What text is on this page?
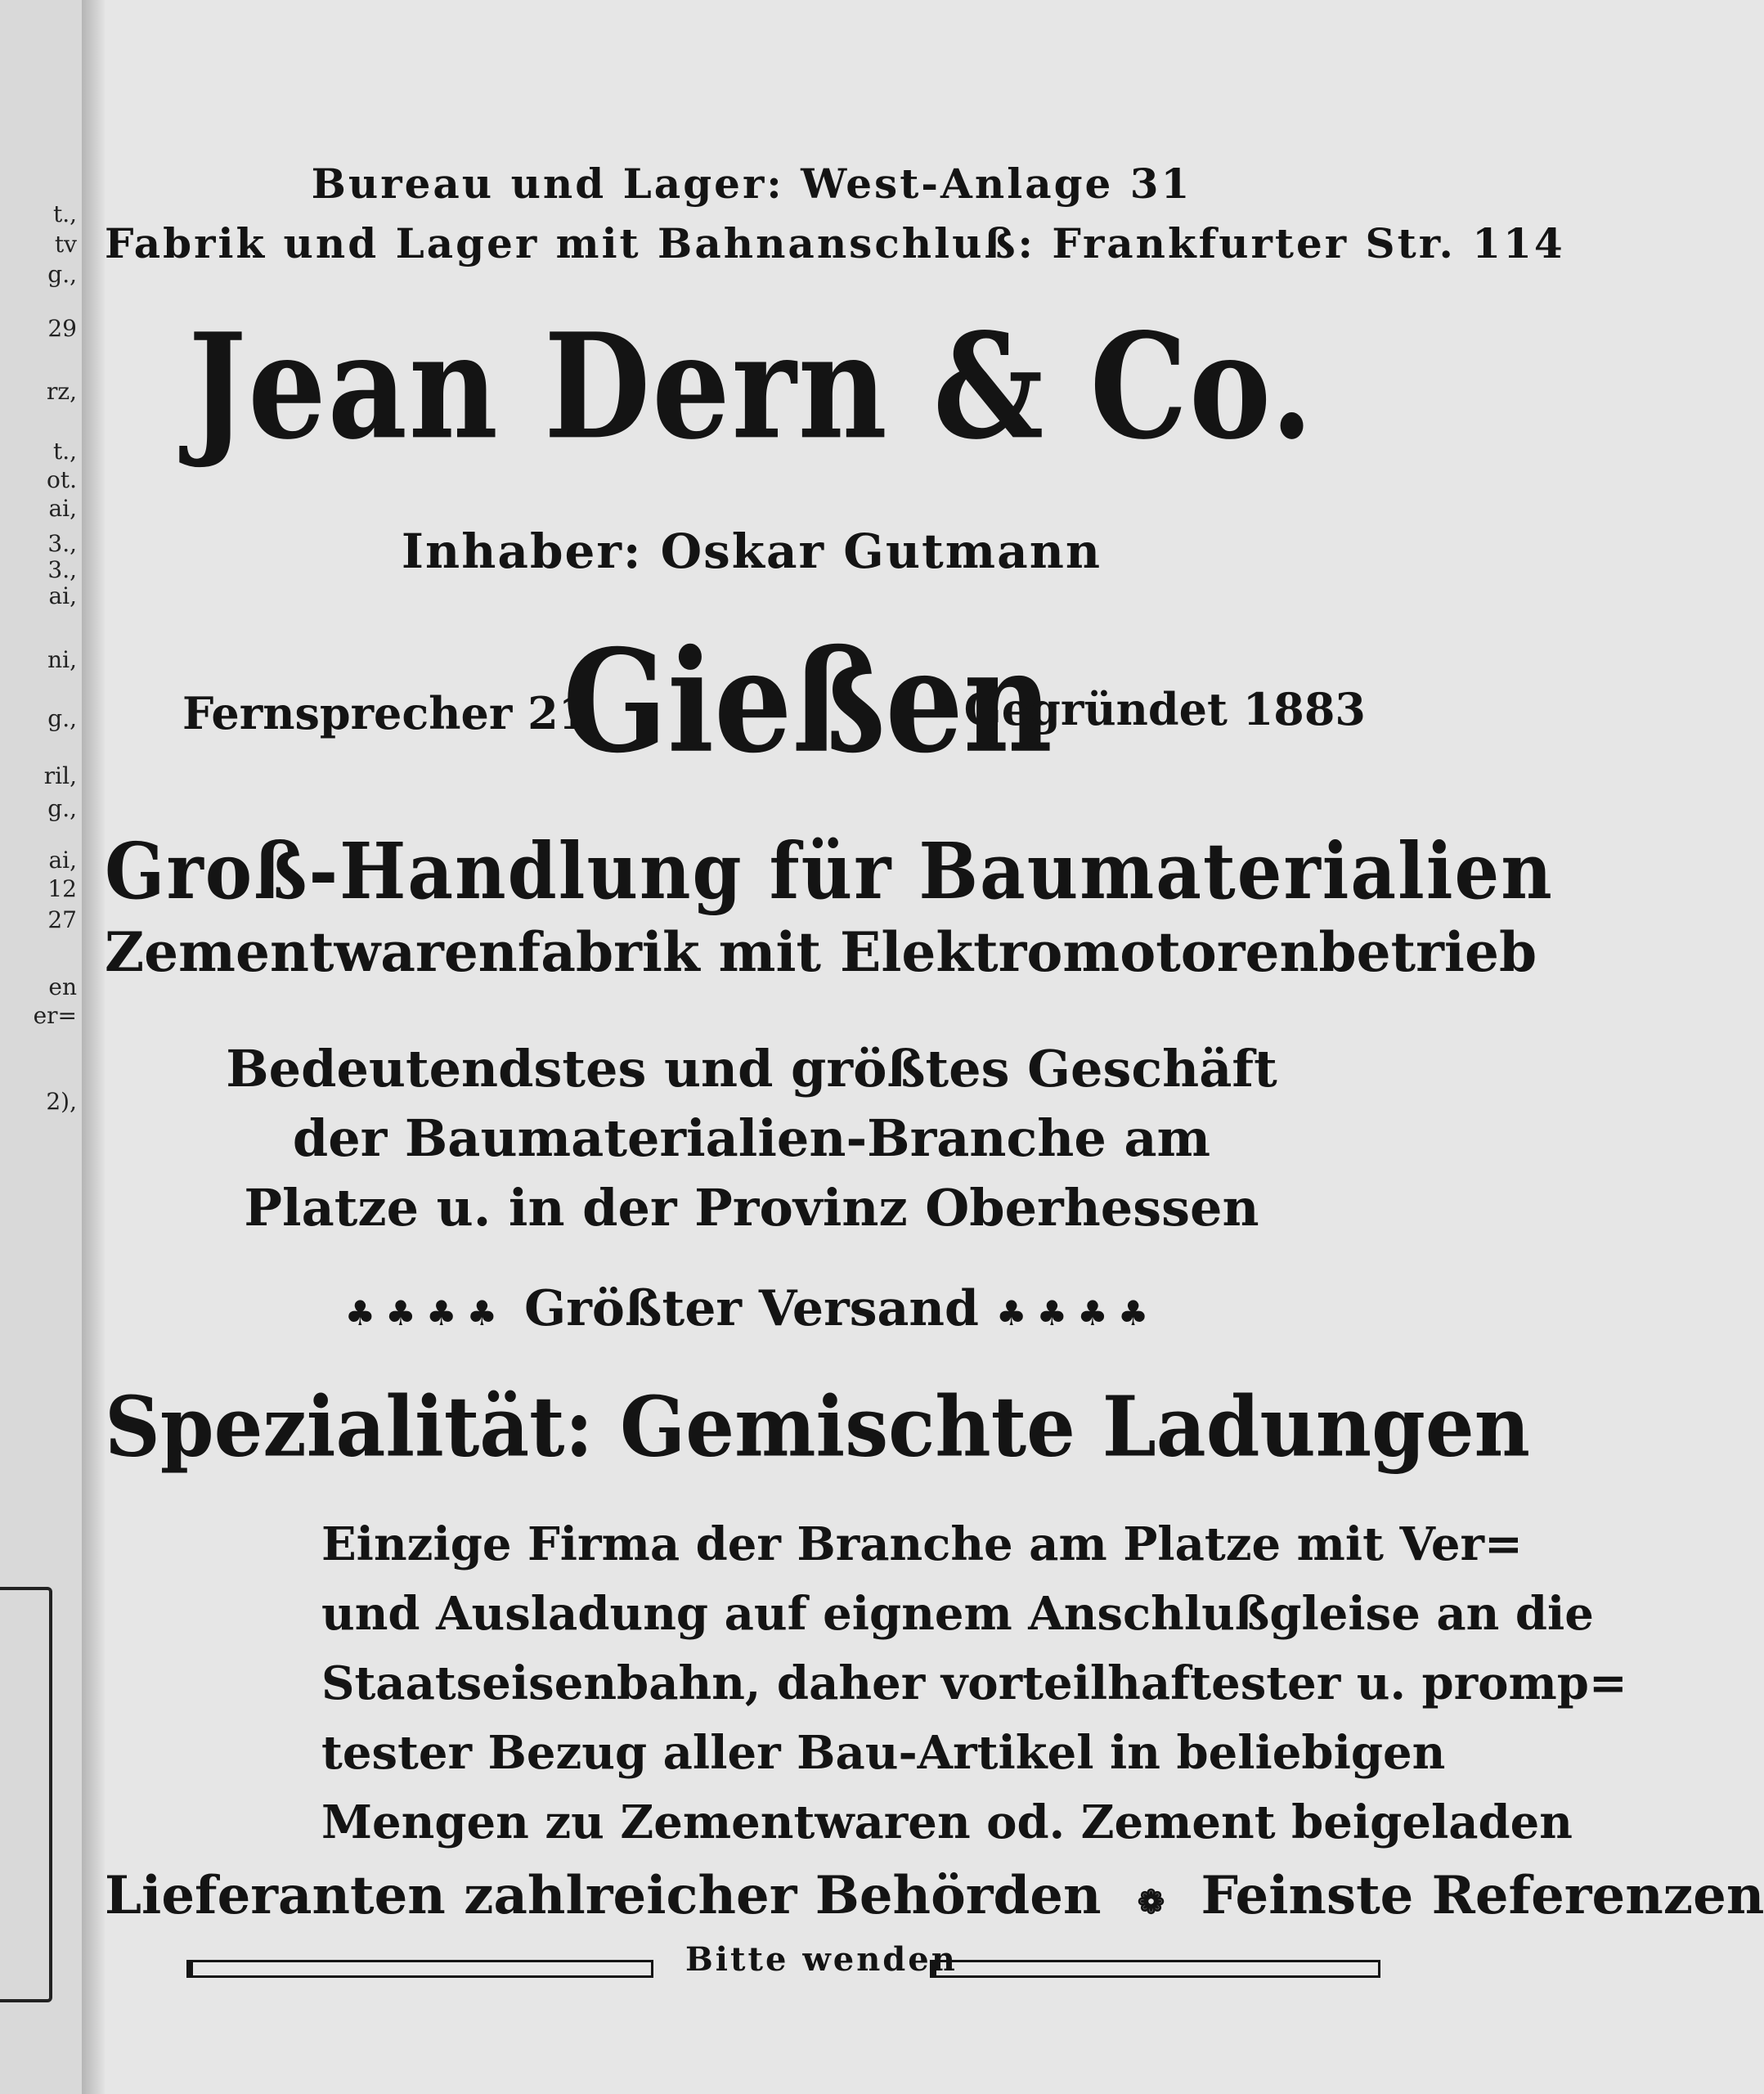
t.,
tv
g.,
29
rz,
t.,
ot.
ai,
3.,
3.,
ai,
ni,
g.,
ril,
g.,
ai,
12
27
en
er=
2),
Bureau und Lager: West-Anlage 31
Fabrik und Lager mit Bahnanschluß: Frankfurter Str. 114
Jean Dern & Co.
Inhaber: Oskar Gutmann
Fernsprecher 21
Gießen
Gegründet 1883
Groß-Handlung für Baumaterialien
Zementwarenfabrik mit Elektromotorenbetrieb
Bedeutendstes und größtes Geschäft
der Baumaterialien-Branche am
Platze u. in der Provinz Oberhessen
♣♣♣♣ Größter Versand ♣♣♣♣
Spezialität: Gemischte Ladungen
Einzige Firma der Branche am Platze mit Ver=
und Ausladung auf eignem Anschlußgleise an die
Staatseisenbahn, daher vorteilhaftester u. promp=
tester Bezug aller Bau-Artikel in beliebigen
Mengen zu Zementwaren od. Zement beigeladen
Lieferanten zahlreicher Behörden ❁ Feinste Referenzen
Bitte wenden
